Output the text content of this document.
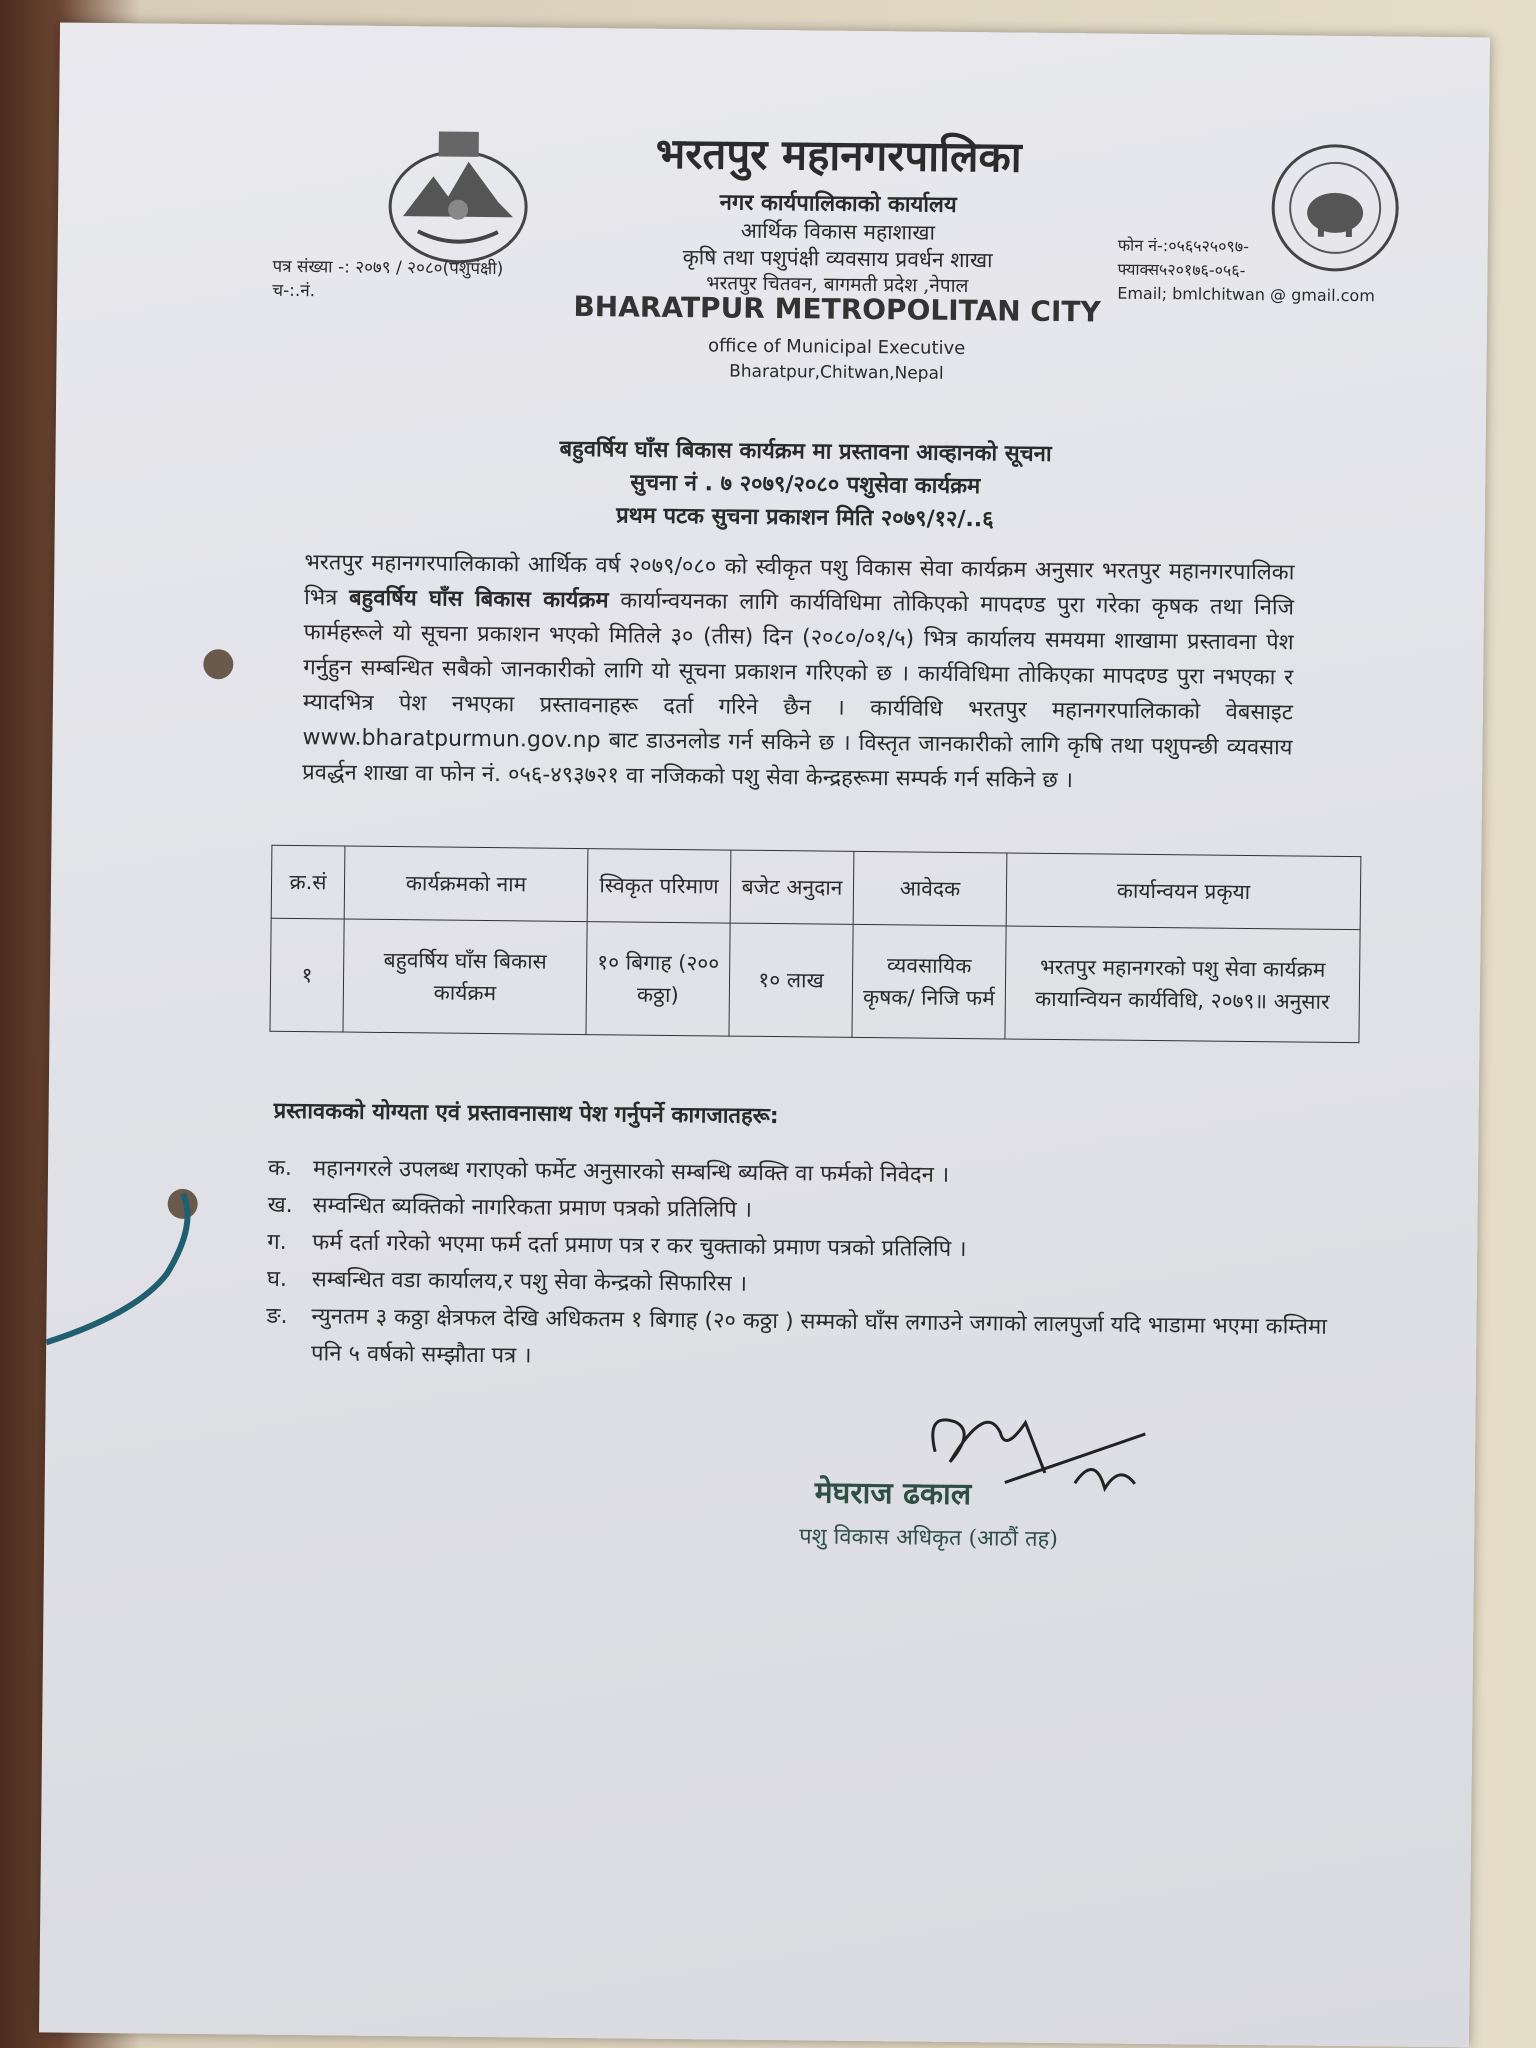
भरतपुर महानगरपालिका
नगर कार्यपालिकाको कार्यालय
आर्थिक विकास महाशाखा
कृषि तथा पशुपंक्षी व्यवसाय प्रवर्धन शाखा
भरतपुर चितवन, बागमती प्रदेश ,नेपाल
BHARATPUR METROPOLITAN CITY
office of Municipal Executive
Bharatpur,Chitwan,Nepal
पत्र संख्या -: २०७९ / २०८०(पशुपंक्षी)
च-:.नं.
फोन नं-:०५६५२५०९७-
फ्याक्स५२०१७६-०५६-
Email; bmlchitwan @ gmail.com
बहुवर्षिय घाँस बिकास कार्यक्रम मा प्रस्तावना आव्हानको सूचना
सुचना नं . ७ २०७९/२०८० पशुसेवा कार्यक्रम
प्रथम पटक सुचना प्रकाशन मिति २०७९/१२/..६
भरतपुर महानगरपालिकाको आर्थिक वर्ष २०७९/०८० को स्वीकृत पशु विकास सेवा कार्यक्रम अनुसार भरतपुर महानगरपालिका भित्र बहुवर्षिय घाँस बिकास कार्यक्रम कार्यान्वयनका लागि कार्यविधिमा तोकिएको मापदण्ड पुरा गरेका कृषक तथा निजि फार्महरूले यो सूचना प्रकाशन भएको मितिले ३० (तीस) दिन (२०८०/०१/५) भित्र कार्यालय समयमा शाखामा प्रस्तावना पेश गर्नुहुन सम्बन्धित सबैको जानकारीको लागि यो सूचना प्रकाशन गरिएको छ । कार्यविधिमा तोकिएका मापदण्ड पुरा नभएका र म्यादभित्र पेश नभएका प्रस्तावनाहरू दर्ता गरिने छैन । कार्यविधि भरतपुर महानगरपालिकाको वेबसाइट www.bharatpurmun.gov.np बाट डाउनलोड गर्न सकिने छ । विस्तृत जानकारीको लागि कृषि तथा पशुपन्छी व्यवसाय प्रवर्द्धन शाखा वा फोन नं. ०५६-४९३७२१ वा नजिकको पशु सेवा केन्द्रहरूमा सम्पर्क गर्न सकिने छ ।
क्र.सं	कार्यक्रमको नाम	स्विकृत परिमाण	बजेट अनुदान	आवेदक	कार्यान्वयन प्रकृया
१	बहुवर्षिय घाँस बिकास कार्यक्रम	१० बिगाह (२०० कठ्ठा)	१० लाख	व्यवसायिक कृषक/ निजि फर्म	भरतपुर महानगरको पशु सेवा कार्यक्रम कायान्वियन कार्यविधि, २०७९॥ अनुसार
प्रस्तावकको योग्यता एवं प्रस्तावनासाथ पेश गर्नुपर्ने कागजातहरू:
क. महानगरले उपलब्ध गराएको फर्मेट अनुसारको सम्बन्धि ब्यक्ति वा फर्मको निवेदन ।
ख. सम्वन्धित ब्यक्तिको नागरिकता प्रमाण पत्रको प्रतिलिपि ।
ग.	फर्म दर्ता गरेको भएमा फर्म दर्ता प्रमाण पत्र र कर चुक्ताको प्रमाण पत्रको प्रतिलिपि ।
घ.	सम्बन्धित वडा कार्यालय,र पशु सेवा केन्द्रको सिफारिस ।
ङ.	न्युनतम ३ कठ्ठा क्षेत्रफल देखि अधिकतम १ बिगाह (२० कठ्ठा ) सम्मको घाँस लगाउने जगाको लालपुर्जा यदि भाडामा भएमा कम्तिमा पनि ५ वर्षको सम्झौता पत्र ।
मेघराज ढकाल
पशु विकास अधिकृत (आठौं तह)
